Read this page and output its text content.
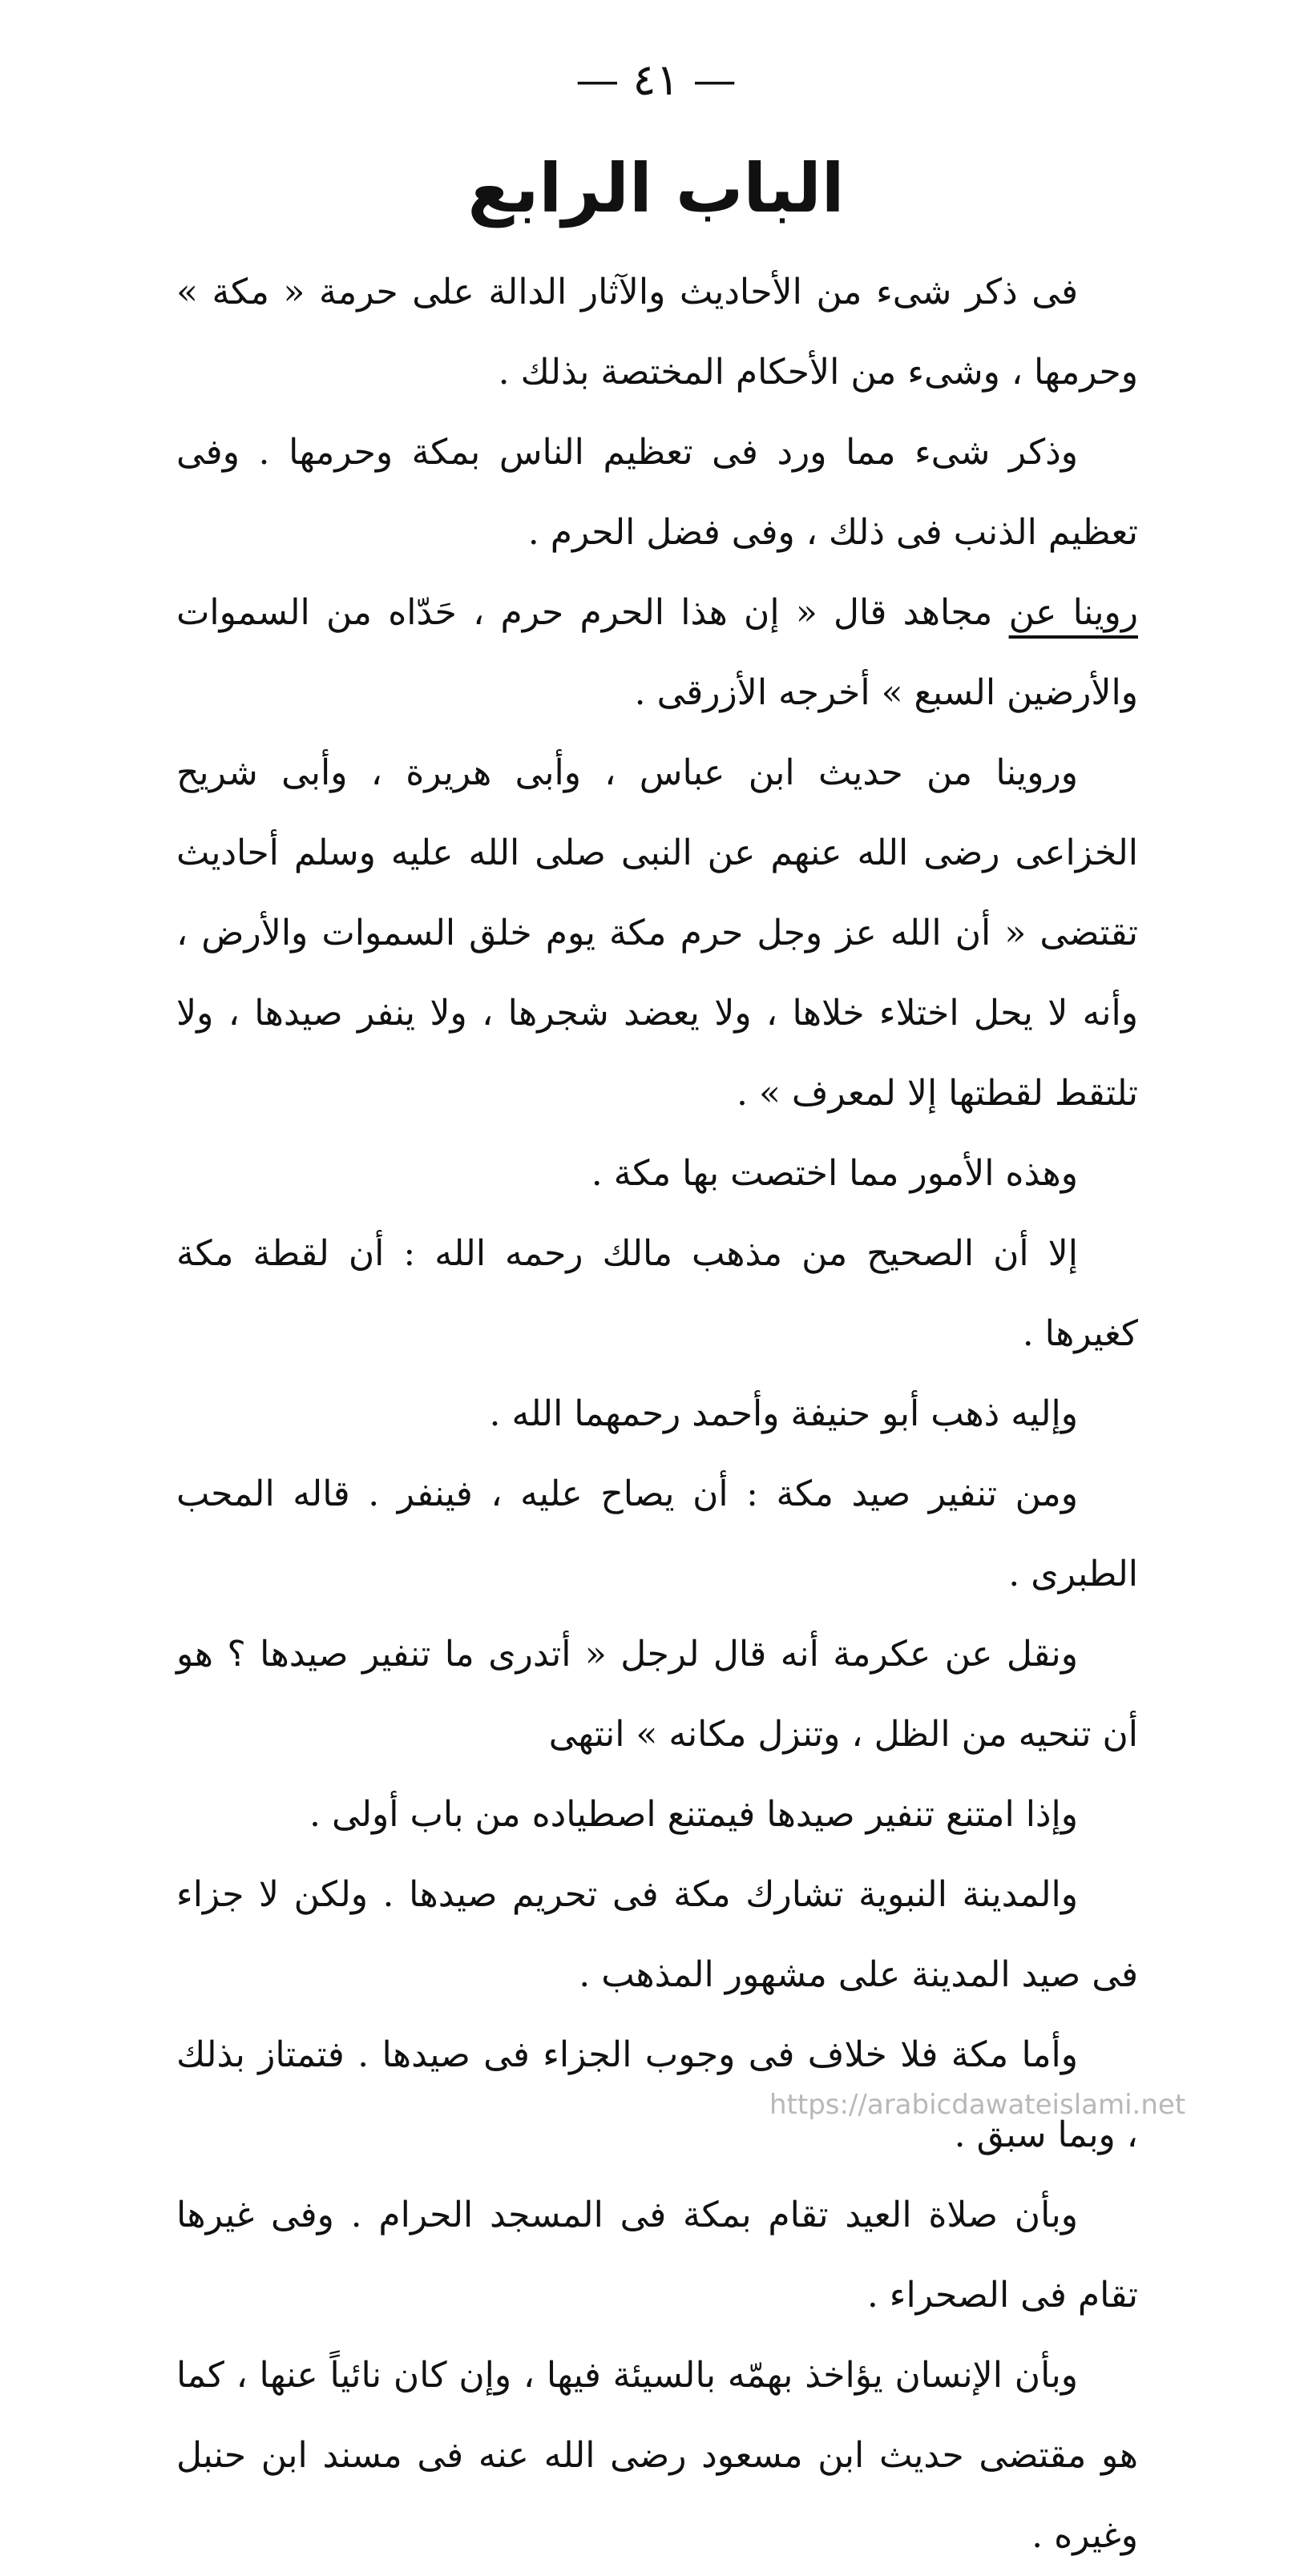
— ٤١ —
الباب الرابع

فى ذكر شىء من الأحاديث والآثار الدالة على حرمة « مكة » وحرمها ، وشىء من الأحكام المختصة بذلك .

وذكر شىء مما ورد فى تعظيم الناس بمكة وحرمها . وفى تعظيم الذنب فى ذلك ، وفى فضل الحرم .

روينا عن مجاهد قال « إن هذا الحرم حرم ، حَدّاه من السموات والأرضين السبع » أخرجه الأزرقى .

وروينا من حديث ابن عباس ، وأبى هريرة ، وأبى شريح الخزاعى رضى الله عنهم عن النبى صلى الله عليه وسلم أحاديث تقتضى « أن الله عز وجل حرم مكة يوم خلق السموات والأرض ، وأنه لا يحل اختلاء خلاها ، ولا يعضد شجرها ، ولا ينفر صيدها ، ولا تلتقط لقطتها إلا لمعرف » .

وهذه الأمور مما اختصت بها مكة .

إلا أن الصحيح من مذهب مالك رحمه الله : أن لقطة مكة كغيرها .

وإليه ذهب أبو حنيفة وأحمد رحمهما الله .

ومن تنفير صيد مكة : أن يصاح عليه ، فينفر . قاله المحب الطبرى .

ونقل عن عكرمة أنه قال لرجل « أتدرى ما تنفير صيدها ؟ هو أن تنحيه من الظل ، وتنزل مكانه » انتهى

وإذا امتنع تنفير صيدها فيمتنع اصطياده من باب أولى .

والمدينة النبوية تشارك مكة فى تحريم صيدها . ولكن لا جزاء فى صيد المدينة على مشهور المذهب .

وأما مكة فلا خلاف فى وجوب الجزاء فى صيدها . فتمتاز بذلك ، وبما سبق .

وبأن صلاة العيد تقام بمكة فى المسجد الحرام . وفى غيرها تقام فى الصحراء .

وبأن الإنسان يؤاخذ بهمّه بالسيئة فيها ، وإن كان نائياً عنها ، كما هو مقتضى حديث ابن مسعود رضى الله عنه فى مسند ابن حنبل وغيره .

https://arabicdawateislami.net
